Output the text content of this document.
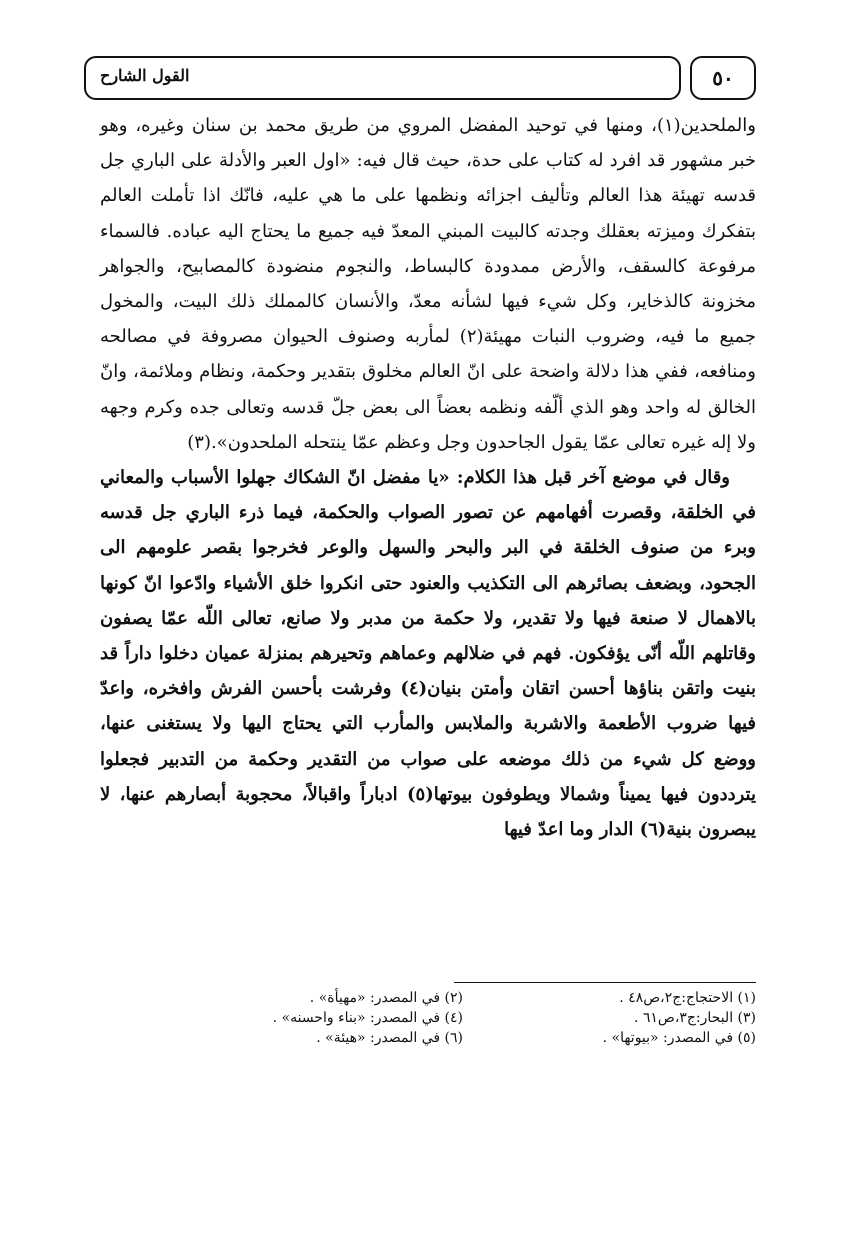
القول الشارح	٥٠

والملحدين(١)، ومنها في توحيد المفضل المروي من طريق محمد بن سنان وغيره، وهو خبر مشهور قد افرد له كتاب على حدة، حيث قال فيه: «اول العبر والأدلة على الباري جل قدسه تهيئة هذا العالم وتأليف اجزائه ونظمها على ما هي عليه، فانّك اذا تأملت العالم بتفكرك وميزته بعقلك وجدته كالبيت المبني المعدّ فيه جميع ما يحتاج اليه عباده. فالسماء مرفوعة كالسقف، والأرض ممدودة كالبساط، والنجوم منضودة كالمصابيح، والجواهر مخزونة كالذخاير، وكل شيء فيها لشأنه معدّ، والأنسان كالمملك ذلك البيت، والمخول جميع ما فيه، وضروب النبات مهيئة(٢) لمأربه وصنوف الحيوان مصروفة في مصالحه ومنافعه، ففي هذا دلالة واضحة على انّ العالم مخلوق بتقدير وحكمة، ونظام وملائمة، وانّ الخالق له واحد وهو الذي ألّفه ونظمه بعضاً الى بعض جلّ قدسه وتعالى جده وكرم وجهه ولا إله غيره تعالى عمّا يقول الجاحدون وجل وعظم عمّا ينتحله الملحدون».(٣)

وقال في موضع آخر قبل هذا الكلام: «يا مفضل انّ الشكاك جهلوا الأسباب والمعاني في الخلقة، وقصرت أفهامهم عن تصور الصواب والحكمة، فيما ذرء الباري جل قدسه وبرء من صنوف الخلقة في البر والبحر والسهل والوعر فخرجوا بقصر علومهم الى الجحود، وبضعف بصائرهم الى التكذيب والعنود حتى انكروا خلق الأشياء وادّعوا انّ كونها بالاهمال لا صنعة فيها ولا تقدير، ولا حكمة من مدبر ولا صانع، تعالى اللّه عمّا يصفون وقاتلهم اللّه أنّى يؤفكون. فهم في ضلالهم وعماهم وتحيرهم بمنزلة عميان دخلوا داراً قد بنيت واتقن بناؤها أحسن اتقان وأمتن بنيان(٤) وفرشت بأحسن الفرش وافخره، واعدّ فيها ضروب الأطعمة والاشربة والملابس والمأرب التي يحتاج اليها ولا يستغنى عنها، ووضع كل شيء من ذلك موضعه على صواب من التقدير وحكمة من التدبير فجعلوا يترددون فيها يميناً وشمالا ويطوفون بيوتها(٥) ادباراً واقبالاً، محجوبة أبصارهم عنها، لا يبصرون بنية(٦) الدار وما اعدّ فيها

(١) الاحتجاج:ج٢،ص٤٨ .
(٢) في المصدر: «مهيأة» .
(٣) البحار:ج٣،ص٦١ .
(٤) في المصدر: «بناء واحسنه» .
(٥) في المصدر: «بيوتها» .
(٦) في المصدر: «هيئة» .
